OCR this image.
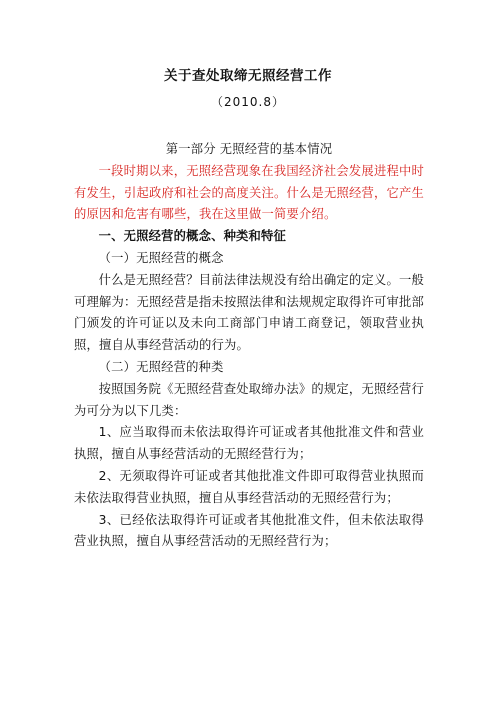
关于查处取缔无照经营工作
（2010.8）

第一部分 无照经营的基本情况

一段时期以来，无照经营现象在我国经济社会发展进程中时有发生，引起政府和社会的高度关注。什么是无照经营，它产生的原因和危害有哪些，我在这里做一简要介绍。

一、无照经营的概念、种类和特征

（一）无照经营的概念

什么是无照经营？目前法律法规没有给出确定的定义。一般可理解为：无照经营是指未按照法律和法规规定取得许可审批部门颁发的许可证以及未向工商部门申请工商登记，领取营业执照，擅自从事经营活动的行为。

（二）无照经营的种类

按照国务院《无照经营查处取缔办法》的规定，无照经营行为可分为以下几类：

1、应当取得而未依法取得许可证或者其他批准文件和营业执照，擅自从事经营活动的无照经营行为；

2、无须取得许可证或者其他批准文件即可取得营业执照而未依法取得营业执照，擅自从事经营活动的无照经营行为；

3、已经依法取得许可证或者其他批准文件，但未依法取得营业执照，擅自从事经营活动的无照经营行为；
